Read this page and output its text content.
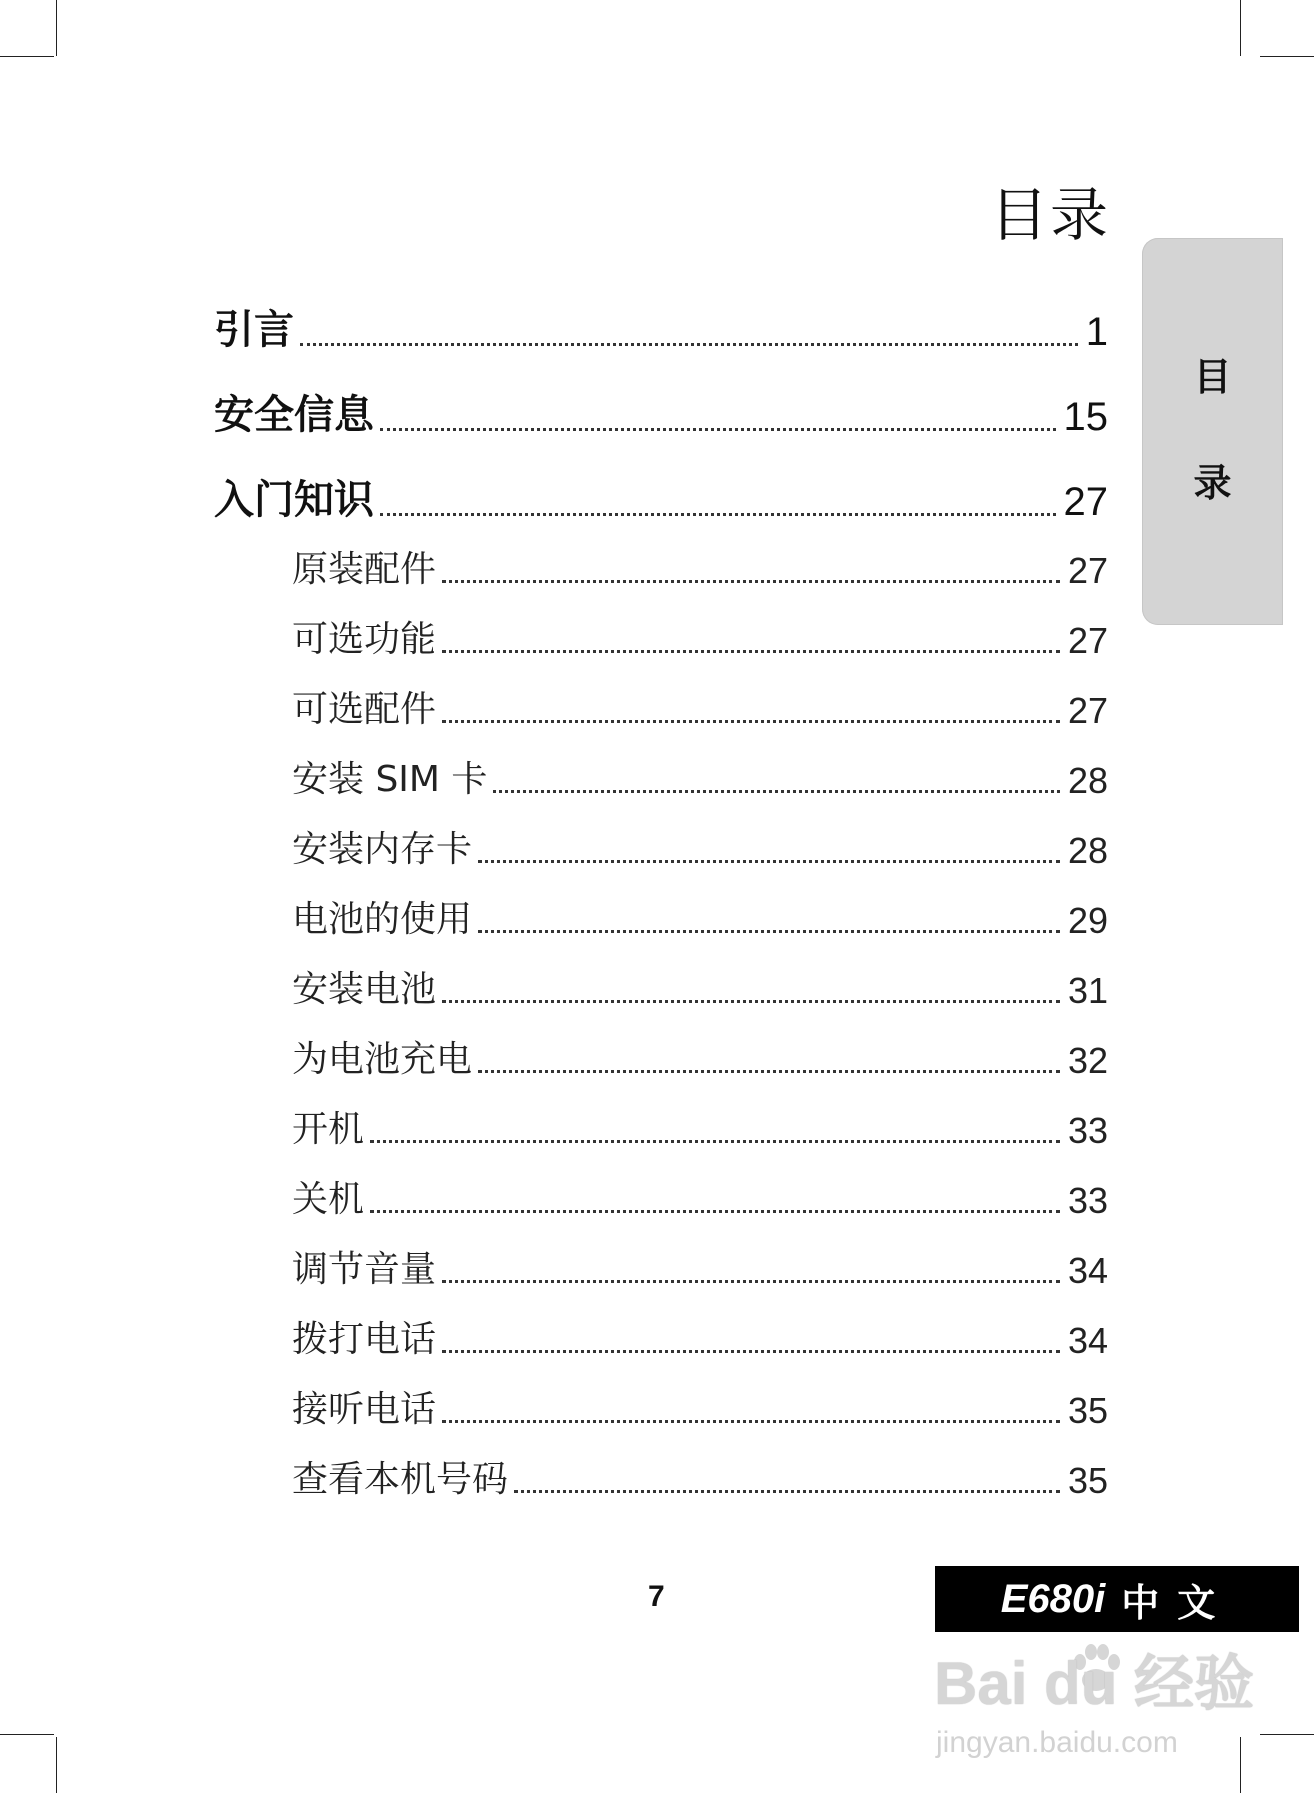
目录
目
录
引言	1
安全信息	15
入门知识	27
原装配件	27
可选功能	27
可选配件	27
安装 SIM 卡	28
安装内存卡	28
电池的使用	29
安装电池	31
为电池充电	32
开机	33
关机	33
调节音量	34
拨打电话	34
接听电话	35
查看本机号码	35
7	E680i 中文
Bai du 经验
jingyan.baidu.com
